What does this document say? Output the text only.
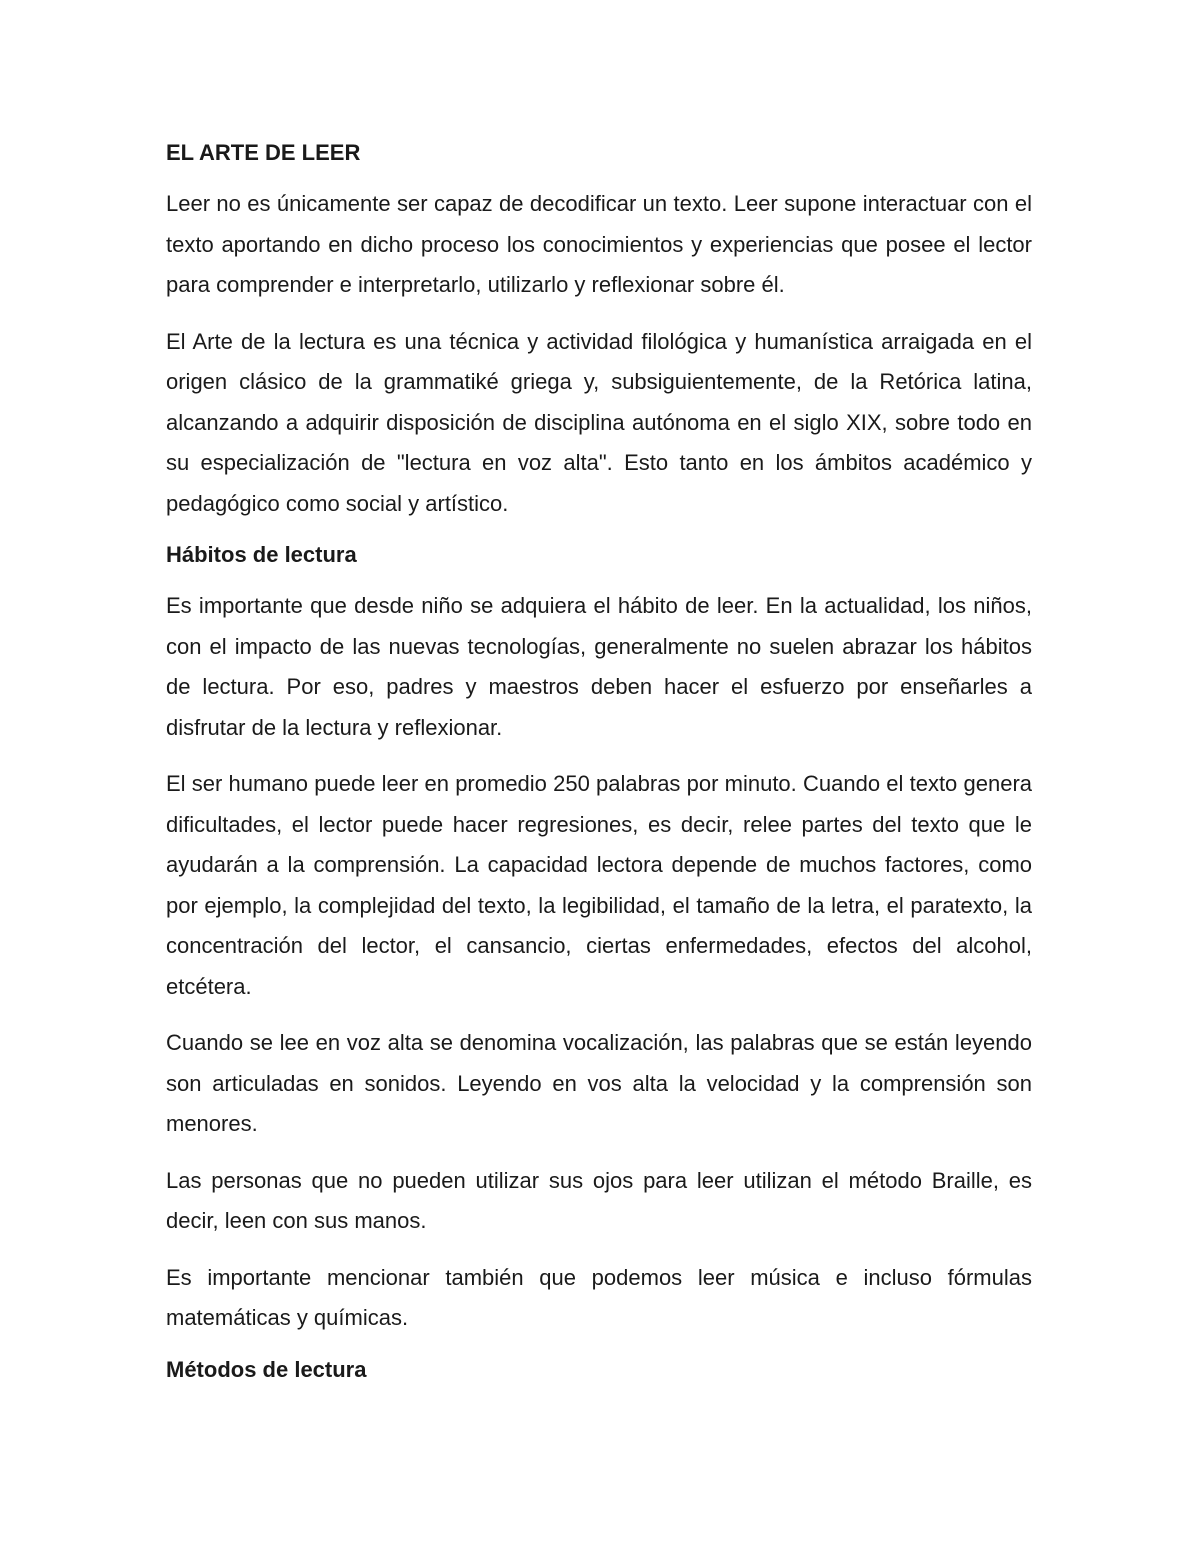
EL ARTE DE LEER

Leer no es únicamente ser capaz de decodificar un texto. Leer supone interactuar con el texto aportando en dicho proceso los conocimientos y experiencias que posee el lector para comprender e interpretarlo, utilizarlo y reflexionar sobre él.

El Arte de la lectura es una técnica y actividad filológica y humanística arraigada en el origen clásico de la grammatiké griega y, subsiguientemente, de la Retórica latina, alcanzando a adquirir disposición de disciplina autónoma en el siglo XIX, sobre todo en su especialización de "lectura en voz alta". Esto tanto en los ámbitos académico y pedagógico como social y artístico.

Hábitos de lectura

Es importante que desde niño se adquiera el hábito de leer. En la actualidad, los niños, con el impacto de las nuevas tecnologías, generalmente no suelen abrazar los hábitos de lectura. Por eso, padres y maestros deben hacer el esfuerzo por enseñarles a disfrutar de la lectura y reflexionar.

El ser humano puede leer en promedio 250 palabras por minuto. Cuando el texto genera dificultades, el lector puede hacer regresiones, es decir, relee partes del texto que le ayudarán a la comprensión. La capacidad lectora depende de muchos factores, como por ejemplo, la complejidad del texto, la legibilidad, el tamaño de la letra, el paratexto, la concentración del lector, el cansancio, ciertas enfermedades, efectos del alcohol, etcétera.

Cuando se lee en voz alta se denomina vocalización, las palabras que se están leyendo son articuladas en sonidos. Leyendo en vos alta la velocidad y la comprensión son menores.

Las personas que no pueden utilizar sus ojos para leer utilizan el método Braille, es decir, leen con sus manos.

Es importante mencionar también que podemos leer música e incluso fórmulas matemáticas y químicas.

Métodos de lectura
